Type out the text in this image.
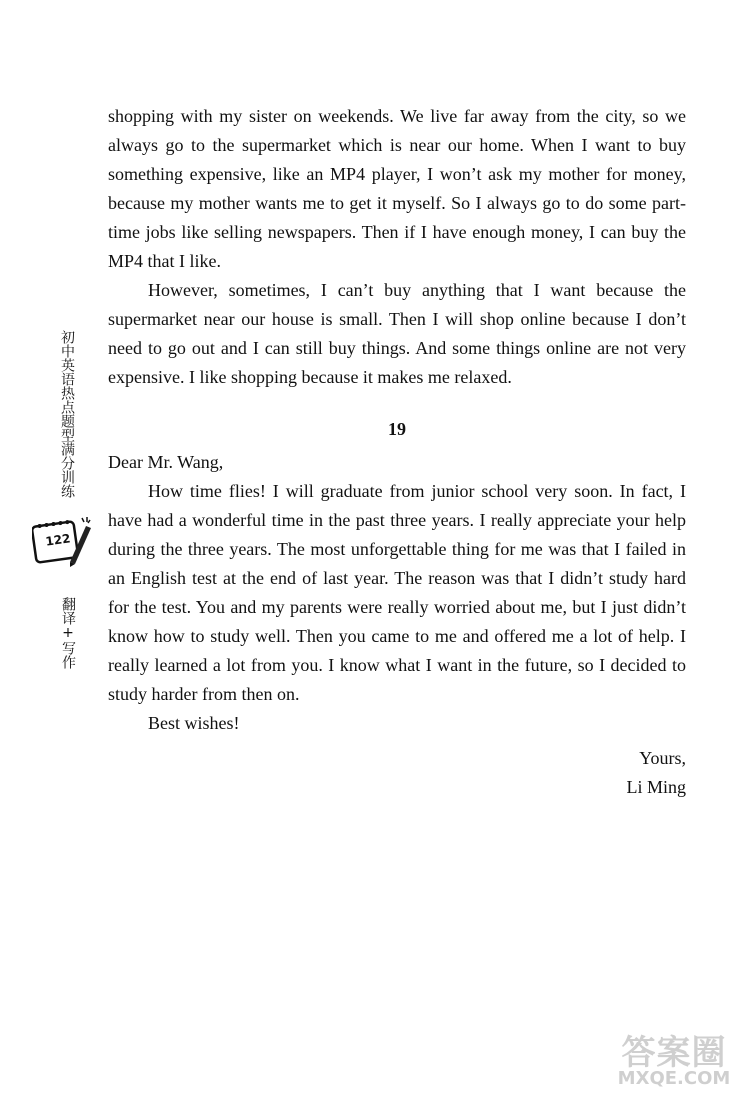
初中英语热点题型满分训练
122
翻译+写作

shopping with my sister on weekends. We live far away from the city, so we always go to the supermarket which is near our home. When I want to buy something expensive, like an MP4 player, I won’t ask my mother for money, because my mother wants me to get it myself. So I always go to do some part-time jobs like selling newspapers. Then if I have enough money, I can buy the MP4 that I like.

However, sometimes, I can’t buy anything that I want because the supermarket near our house is small. Then I will shop online because I don’t need to go out and I can still buy things. And some things online are not very expensive. I like shopping because it makes me relaxed.

19

Dear Mr. Wang,

How time flies! I will graduate from junior school very soon. In fact, I have had a wonderful time in the past three years. I really appreciate your help during the three years. The most unforgettable thing for me was that I failed in an English test at the end of last year. The reason was that I didn’t study hard for the test. You and my parents were really worried about me, but I just didn’t know how to study well. Then you came to me and offered me a lot of help. I really learned a lot from you. I know what I want in the future, so I decided to study harder from then on.

Best wishes!

Yours,

Li Ming

答案圈
MXQE.COM
